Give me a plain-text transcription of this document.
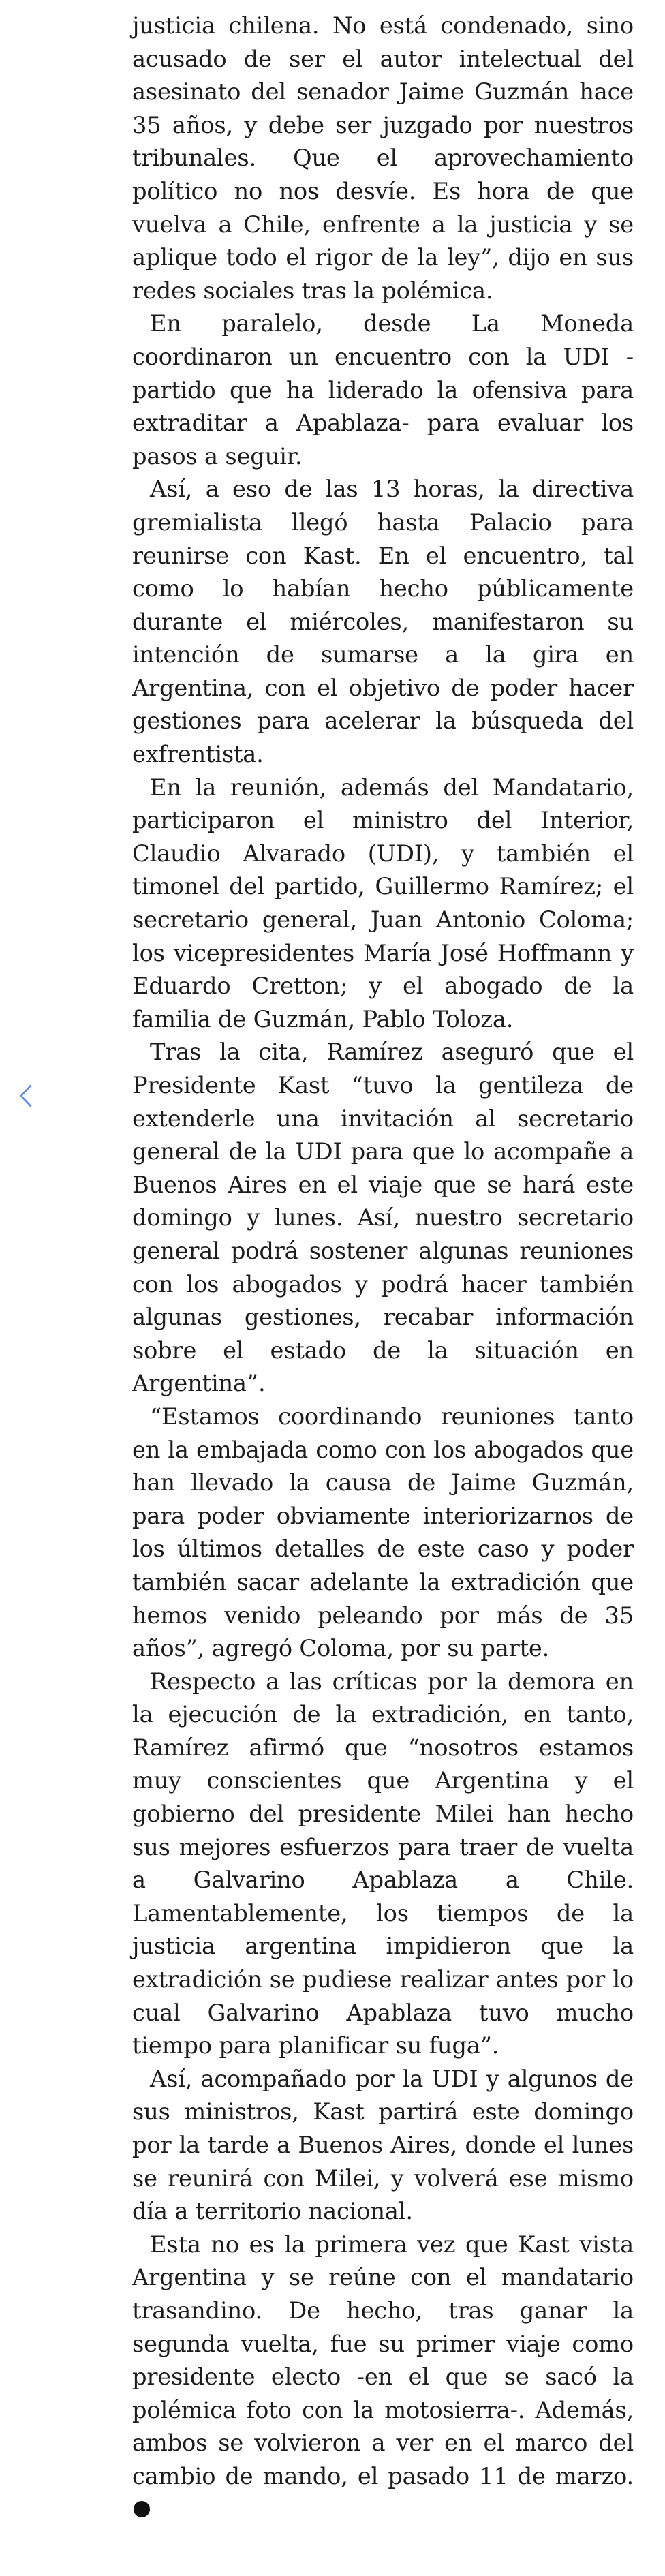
justicia chilena. No está condenado, sino acusado de ser el autor intelectual del asesinato del senador Jaime Guzmán hace 35 años, y debe ser juzgado por nuestros tribunales. Que el aprovechamiento político no nos desvíe. Es hora de que vuelva a Chile, enfrente a la justicia y se aplique todo el rigor de la ley”, dijo en sus redes sociales tras la polémica.

En paralelo, desde La Moneda coordinaron un encuentro con la UDI -partido que ha liderado la ofensiva para extraditar a Apablaza- para evaluar los pasos a seguir.

Así, a eso de las 13 horas, la directiva gremialista llegó hasta Palacio para reunirse con Kast. En el encuentro, tal como lo habían hecho públicamente durante el miércoles, manifestaron su intención de sumarse a la gira en Argentina, con el objetivo de poder hacer gestiones para acelerar la búsqueda del exfrentista.

En la reunión, además del Mandatario, participaron el ministro del Interior, Claudio Alvarado (UDI), y también el timonel del partido, Guillermo Ramírez; el secretario general, Juan Antonio Coloma; los vicepresidentes María José Hoffmann y Eduardo Cretton; y el abogado de la familia de Guzmán, Pablo Toloza.

Tras la cita, Ramírez aseguró que el Presidente Kast “tuvo la gentileza de extenderle una invitación al secretario general de la UDI para que lo acompañe a Buenos Aires en el viaje que se hará este domingo y lunes. Así, nuestro secretario general podrá sostener algunas reuniones con los abogados y podrá hacer también algunas gestiones, recabar información sobre el estado de la situación en Argentina”.

“Estamos coordinando reuniones tanto en la embajada como con los abogados que han llevado la causa de Jaime Guzmán, para poder obviamente interiorizarnos de los últimos detalles de este caso y poder también sacar adelante la extradición que hemos venido peleando por más de 35 años”, agregó Coloma, por su parte.

Respecto a las críticas por la demora en la ejecución de la extradición, en tanto, Ramírez afirmó que “nosotros estamos muy conscientes que Argentina y el gobierno del presidente Milei han hecho sus mejores esfuerzos para traer de vuelta a Galvarino Apablaza a Chile. Lamentablemente, los tiempos de la justicia argentina impidieron que la extradición se pudiese realizar antes por lo cual Galvarino Apablaza tuvo mucho tiempo para planificar su fuga”.

Así, acompañado por la UDI y algunos de sus ministros, Kast partirá este domingo por la tarde a Buenos Aires, donde el lunes se reunirá con Milei, y volverá ese mismo día a territorio nacional.

Esta no es la primera vez que Kast vista Argentina y se reúne con el mandatario trasandino. De hecho, tras ganar la segunda vuelta, fue su primer viaje como presidente electo -en el que se sacó la polémica foto con la motosierra-. Además, ambos se volvieron a ver en el marco del cambio de mando, el pasado 11 de marzo.
